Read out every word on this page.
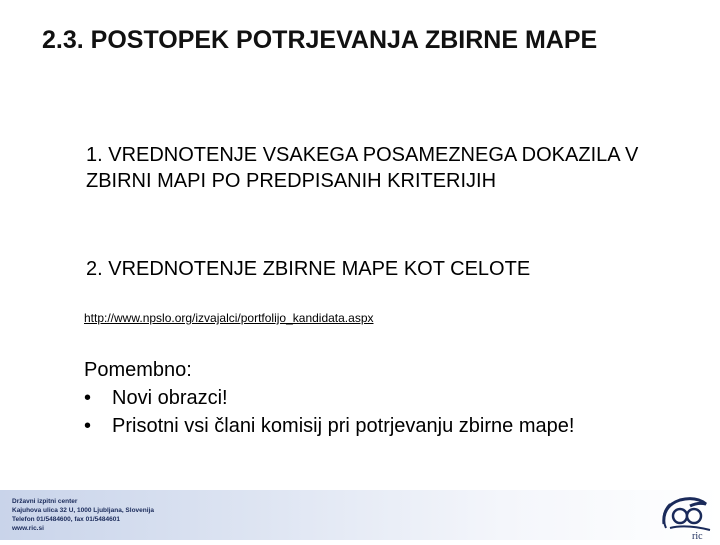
2.3. POSTOPEK POTRJEVANJA ZBIRNE MAPE
1. VREDNOTENJE VSAKEGA POSAMEZNEGA DOKAZILA V ZBIRNI MAPI PO PREDPISANIH KRITERIJIH
2. VREDNOTENJE ZBIRNE MAPE KOT CELOTE
http://www.npslo.org/izvajalci/portfolijo_kandidata.aspx
Pomembno:
•	Novi obrazci!
•	Prisotni vsi člani komisij pri potrjevanju zbirne mape!
Državni izpitni center
Kajuhova ulica 32 U, 1000 Ljubljana, Slovenija
Telefon 01/5484600, fax 01/5484601
www.ric.si
ric
